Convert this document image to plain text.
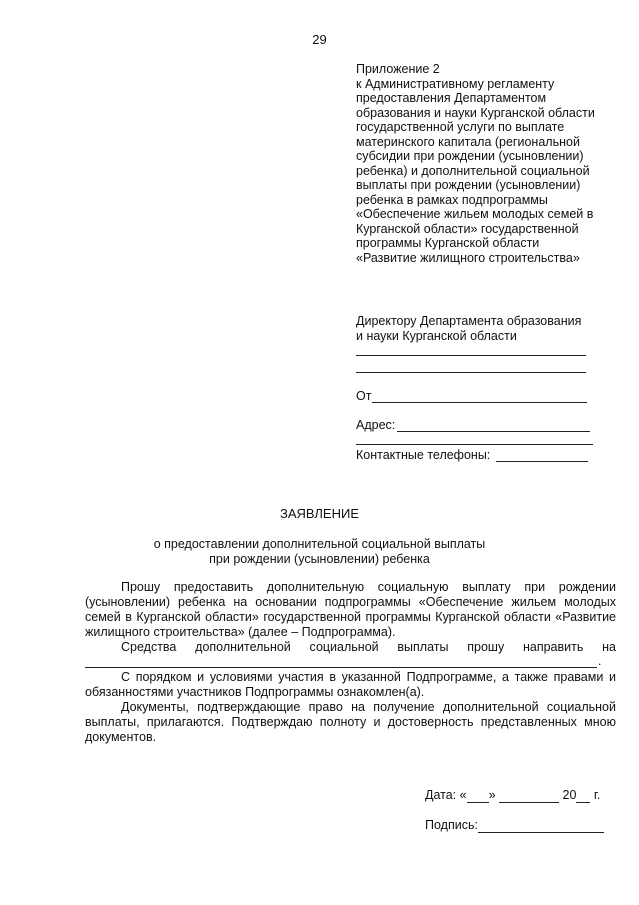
29
Приложение 2
к Административному регламенту
предоставления Департаментом
образования и науки Курганской области
государственной услуги по выплате
материнского капитала (региональной
субсидии при рождении (усыновлении)
ребенка) и дополнительной социальной
выплаты при рождении (усыновлении)
ребенка в рамках подпрограммы
«Обеспечение жильем молодых семей в
Курганской области» государственной
программы Курганской области
«Развитие жилищного строительства»
Директору Департамента образования
и науки Курганской области
От
Адрес:
Контактные телефоны:
ЗАЯВЛЕНИЕ
о предоставлении дополнительной социальной выплаты
при рождении (усыновлении) ребенка
Прошу предоставить дополнительную социальную выплату при рождении (усыновлении) ребенка на основании подпрограммы «Обеспечение жильем молодых семей в Курганской области» государственной программы Курганской области «Развитие жилищного строительства» (далее – Подпрограмма).
Средства дополнительной социальной выплаты прошу направить на
.
С порядком и условиями участия в указанной Подпрограмме, а также правами и обязанностями участников Подпрограммы ознакомлен(а).
Документы, подтверждающие право на получение дополнительной социальной выплаты, прилагаются. Подтверждаю полноту и достоверность представленных мною документов.
Дата: « »	20 г.
Подпись:
